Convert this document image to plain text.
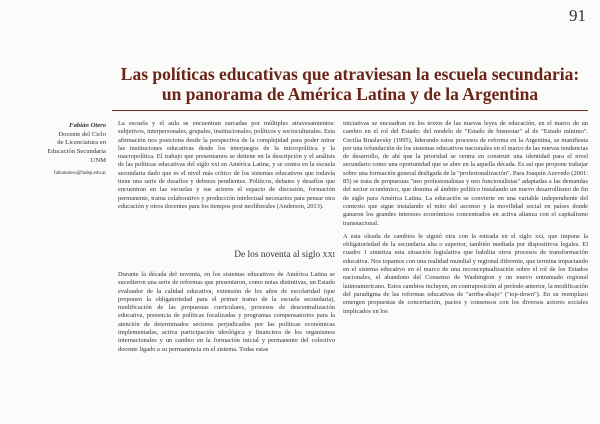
91
Las políticas educativas que atraviesan la escuela secundaria:
un panorama de América Latina y de la Argentina
Fabián Otero
Docente del Ciclo
de Licenciatura en
Educación Secundaria
UNM
fabianotero@fadep.edu.ar

La escuela y el aula se encuentran surcadas por múltiples atravesamientos: subjetivos, interpersonales, grupales, institucionales, políticos y socioculturales. Esta afirmación nos posiciona desde la perspectiva de la complejidad para poder mirar las instituciones educativas desde los interjuegos de la micropolítica y la macropolítica. El trabajo que presentamos se detiene en la descripción y el análisis de las políticas educativas del siglo xxi en América Latina, y se centra en la escuela secundaria dado que es el nivel más crítico de los sistemas educativos que todavía tiene una serie de desafíos y deberes pendientes. Políticos, debates y desafíos que encuentran en las escuelas y sus actores el espacio de discusión, formación permanente, trama colaborativo y producción intelectual necesarios para pensar otra educación y otros docentes para los tiempos post neoliberales (Anderson, 2013).

De los noventa al siglo xxi

Durante la década del noventa, en los sistemas educativos de América Latina se sucedieron una serie de reformas que presentaron, como notas distintivas, un Estado evaluador de la calidad educativa, extensión de los años de escolaridad (que proponen la obligatoriedad para el primer tramo de la escuela secundaria), modificación de las propuestas curriculares, procesos de descentralización educativa, presencia de políticas focalizadas y programas compensatorios para la atención de determinados sectores perjudicados por las políticas económicas implementadas, activa participación ideológica y financiera de los organismos internacionales y un cambio en la formación inicial y permanente del colectivo docente ligado a su permanencia en el sistema. Todas estas

iniciativas se encuadran en los textos de las nuevas leyes de educación, en el marco de un cambio en el rol del Estado: del modelo de "Estado de bienestar" al de "Estado mínimo". Cecilia Braslavsky (1995), liderando estos procesos de reforma en la Argentina, se manifiesta por una refundación de los sistemas educativos nacionales en el marco de las nuevas tendencias de desarrollo, de ahí que la prioridad se centra en construir una identidad para el nivel secundario como una oportunidad que se abre en la aquella década. Es así que propone trabajar sobre una formación general desligada de la "profesionalización". Para Joaquín Azevedo (2001: 85) se trata de propuestas "neo profesionalistas y neo funcionalistas" adaptadas a las demandas del sector económico, que domina al ámbito político instalando un nuevo desarrollismo de fin de siglo para América Latina. La educación se convierte en una variable independiente del contexto que sigue instalando el mito del ascenso y la movilidad social en países donde ganaron los grandes intereses económicos concentrados en activa alianza con el capitalismo transnacional.

A esta oleada de cambios le siguió otra con la entrada en el siglo xxi, que impone la obligatoriedad de la secundaria alta o superior, también mediada por dispositivos legales. El cuadro 1 sintetiza esta situación legislativa que habilita otros procesos de transformación educativa. Nos topamos con una realidad mundial y regional diferente, que termina impactando en el sistema educativo en el marco de una reconceptualización sobre el rol de los Estados nacionales, el abandono del Consenso de Washington y un nuevo entramado regional latinoamericano. Estos cambios incluyen, en contraposición al período anterior, la modificación del paradigma de las reformas educativas de "arriba-abajo" ("top-down"). En su reemplazo emergen propuestas de concertación, pactos y consensos con los diversos actores sociales implicados en los
